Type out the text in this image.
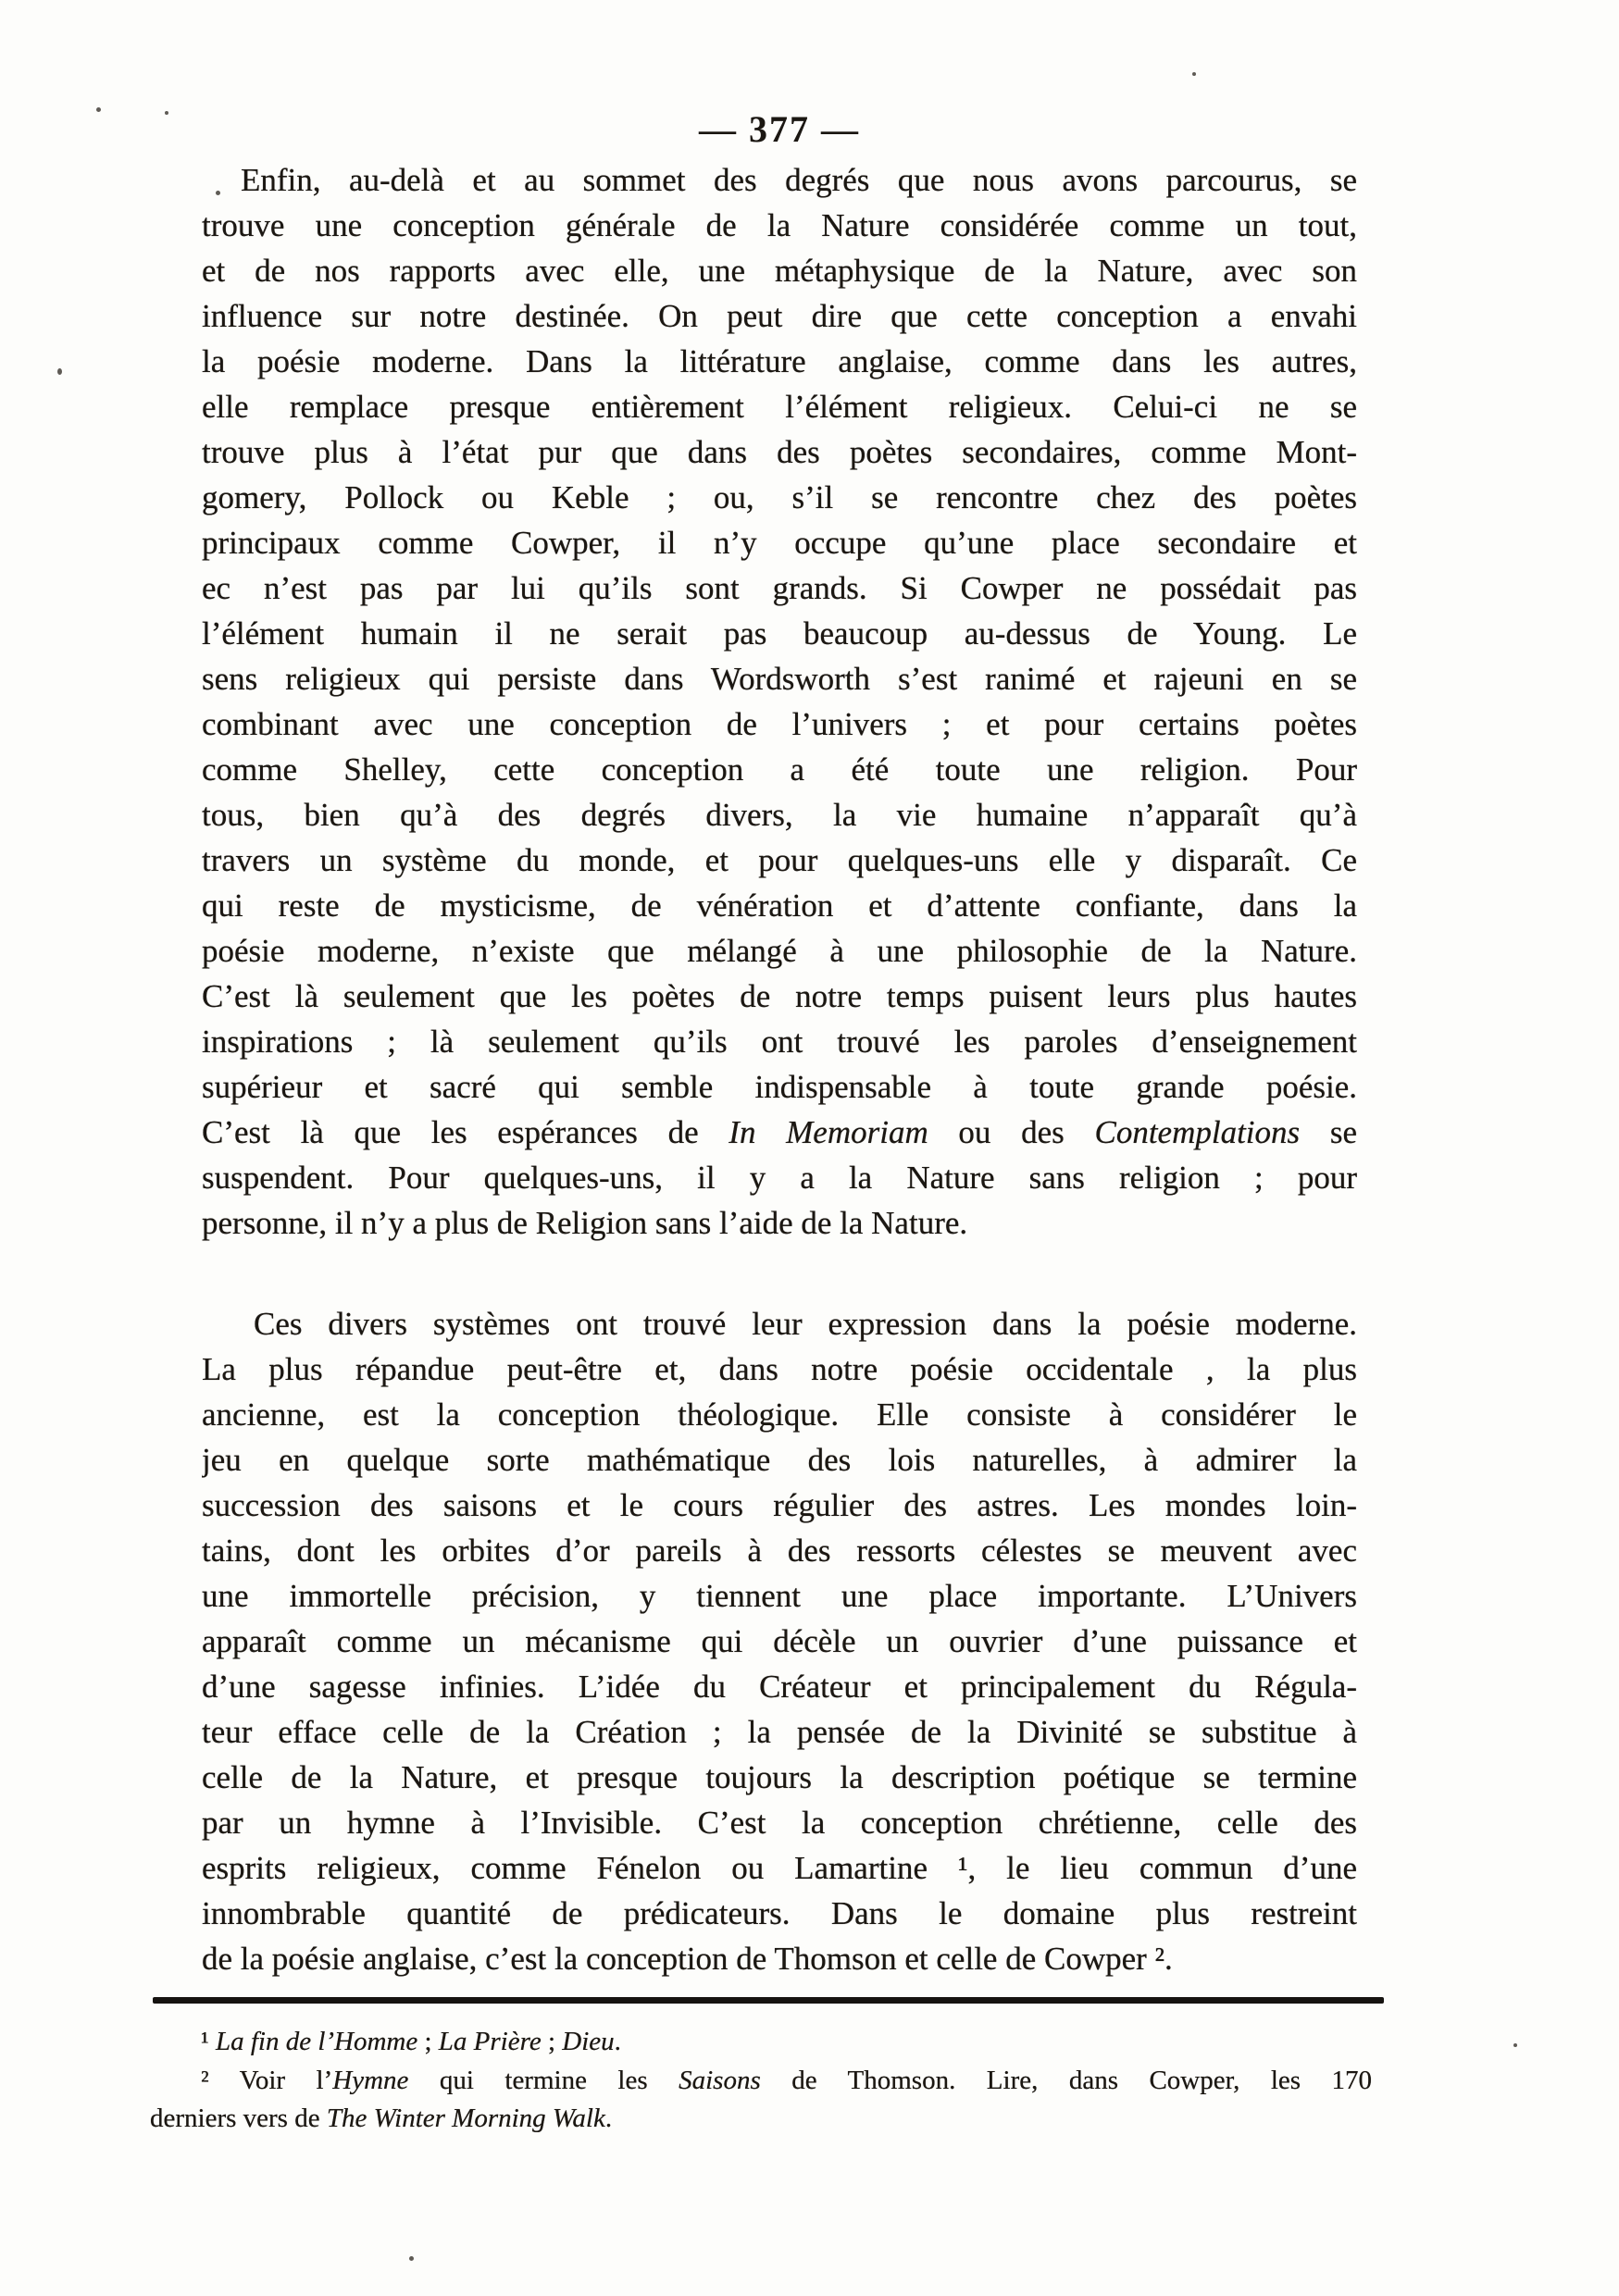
— 377 —
Enfin, au-delà et au sommet des degrés que nous avons parcourus, se
trouve une conception générale de la Nature considérée comme un tout,
et de nos rapports avec elle, une métaphysique de la Nature, avec son
influence sur notre destinée. On peut dire que cette conception a envahi
la poésie moderne. Dans la littérature anglaise, comme dans les autres,
elle remplace presque entièrement l’élément religieux. Celui-ci ne se
trouve plus à l’état pur que dans des poètes secondaires, comme Mont-
gomery, Pollock ou Keble ; ou, s’il se rencontre chez des poètes
principaux comme Cowper, il n’y occupe qu’une place secondaire et
ec n’est pas par lui qu’ils sont grands. Si Cowper ne possédait pas
l’élément humain il ne serait pas beaucoup au-dessus de Young. Le
sens religieux qui persiste dans Wordsworth s’est ranimé et rajeuni en se
combinant avec une conception de l’univers ; et pour certains poètes
comme Shelley, cette conception a été toute une religion. Pour
tous, bien qu’à des degrés divers, la vie humaine n’apparaît qu’à
travers un système du monde, et pour quelques-uns elle y disparaît. Ce
qui reste de mysticisme, de vénération et d’attente confiante, dans la
poésie moderne, n’existe que mélangé à une philosophie de la Nature.
C’est là seulement que les poètes de notre temps puisent leurs plus hautes
inspirations ; là seulement qu’ils ont trouvé les paroles d’enseignement
supérieur et sacré qui semble indispensable à toute grande poésie.
C’est là que les espérances de In Memoriam ou des Contemplations se
suspendent. Pour quelques-uns, il y a la Nature sans religion ; pour
personne, il n’y a plus de Religion sans l’aide de la Nature.
Ces divers systèmes ont trouvé leur expression dans la poésie moderne.
La plus répandue peut-être et, dans notre poésie occidentale , la plus
ancienne, est la conception théologique. Elle consiste à considérer le
jeu en quelque sorte mathématique des lois naturelles, à admirer la
succession des saisons et le cours régulier des astres. Les mondes loin-
tains, dont les orbites d’or pareils à des ressorts célestes se meuvent avec
une immortelle précision, y tiennent une place importante. L’Univers
apparaît comme un mécanisme qui décèle un ouvrier d’une puissance et
d’une sagesse infinies. L’idée du Créateur et principalement du Régula-
teur efface celle de la Création ; la pensée de la Divinité se substitue à
celle de la Nature, et presque toujours la description poétique se termine
par un hymne à l’Invisible. C’est la conception chrétienne, celle des
esprits religieux, comme Fénelon ou Lamartine ¹, le lieu commun d’une
innombrable quantité de prédicateurs. Dans le domaine plus restreint
de la poésie anglaise, c’est la conception de Thomson et celle de Cowper ².
¹ La fin de l’Homme ; La Prière ; Dieu.
² Voir l’Hymne qui termine les Saisons de Thomson. Lire, dans Cowper, les 170
derniers vers de The Winter Morning Walk.
